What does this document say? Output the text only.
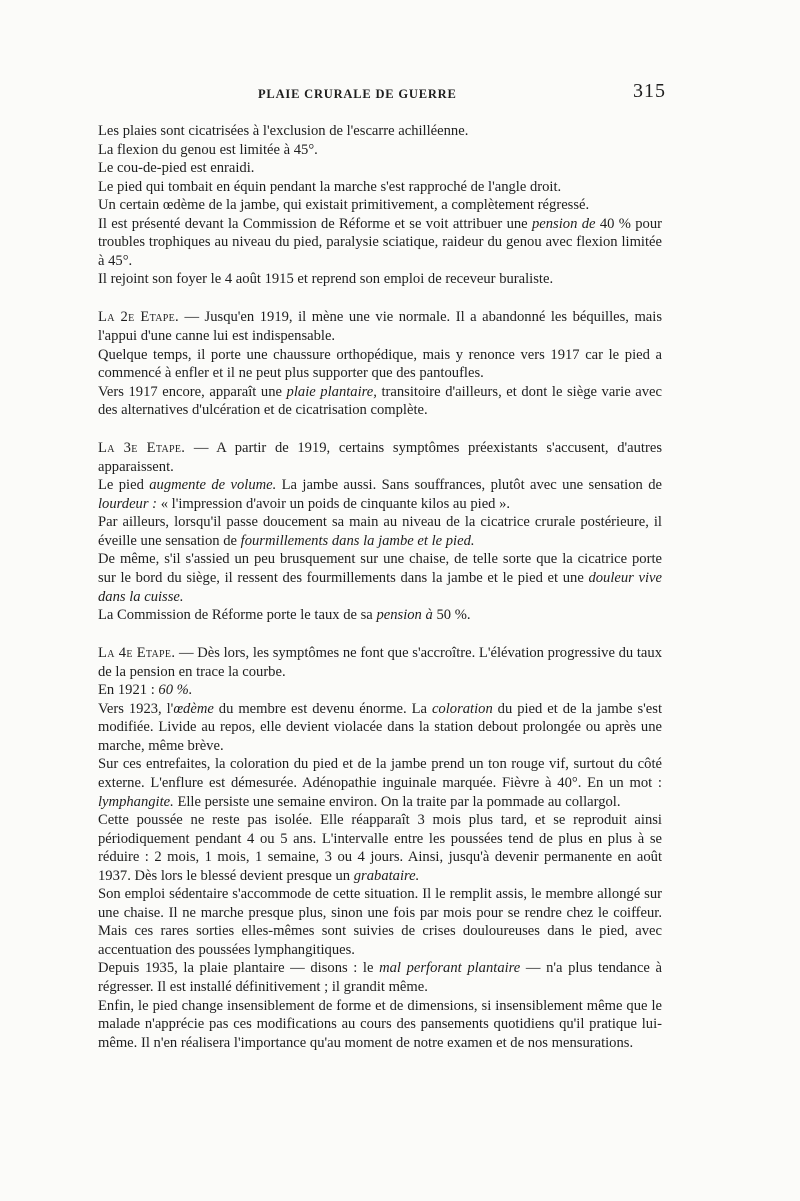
PLAIE CRURALE DE GUERRE	315

Les plaies sont cicatrisées à l'exclusion de l'escarre achilléenne.

La flexion du genou est limitée à 45°.

Le cou-de-pied est enraidi.

Le pied qui tombait en équin pendant la marche s'est rapproché de l'angle droit.

Un certain œdème de la jambe, qui existait primitivement, a complètement régressé.

Il est présenté devant la Commission de Réforme et se voit attribuer une pension de 40 % pour troubles trophiques au niveau du pied, paralysie sciatique, raideur du genou avec flexion limitée à 45°.

Il rejoint son foyer le 4 août 1915 et reprend son emploi de receveur buraliste.

La 2e Etape. — Jusqu'en 1919, il mène une vie normale. Il a abandonné les béquilles, mais l'appui d'une canne lui est indispensable.

Quelque temps, il porte une chaussure orthopédique, mais y renonce vers 1917 car le pied a commencé à enfler et il ne peut plus supporter que des pantoufles.

Vers 1917 encore, apparaît une plaie plantaire, transitoire d'ailleurs, et dont le siège varie avec des alternatives d'ulcération et de cicatrisation complète.

La 3e Etape. — A partir de 1919, certains symptômes préexistants s'accusent, d'autres apparaissent.

Le pied augmente de volume. La jambe aussi. Sans souffrances, plutôt avec une sensation de lourdeur : « l'impression d'avoir un poids de cinquante kilos au pied ».

Par ailleurs, lorsqu'il passe doucement sa main au niveau de la cicatrice crurale postérieure, il éveille une sensation de fourmillements dans la jambe et le pied.

De même, s'il s'assied un peu brusquement sur une chaise, de telle sorte que la cicatrice porte sur le bord du siège, il ressent des fourmillements dans la jambe et le pied et une douleur vive dans la cuisse.

La Commission de Réforme porte le taux de sa pension à 50 %.

La 4e Etape. — Dès lors, les symptômes ne font que s'accroître. L'élévation progressive du taux de la pension en trace la courbe.

En 1921 : 60 %.

Vers 1923, l'œdème du membre est devenu énorme. La coloration du pied et de la jambe s'est modifiée. Livide au repos, elle devient violacée dans la station debout prolongée ou après une marche, même brève.

Sur ces entrefaites, la coloration du pied et de la jambe prend un ton rouge vif, surtout du côté externe. L'enflure est démesurée. Adénopathie inguinale marquée. Fièvre à 40°. En un mot : lymphangite. Elle persiste une semaine environ. On la traite par la pommade au collargol.

Cette poussée ne reste pas isolée. Elle réapparaît 3 mois plus tard, et se reproduit ainsi périodiquement pendant 4 ou 5 ans. L'intervalle entre les poussées tend de plus en plus à se réduire : 2 mois, 1 mois, 1 semaine, 3 ou 4 jours. Ainsi, jusqu'à devenir permanente en août 1937. Dès lors le blessé devient presque un grabataire.

Son emploi sédentaire s'accommode de cette situation. Il le remplit assis, le membre allongé sur une chaise. Il ne marche presque plus, sinon une fois par mois pour se rendre chez le coiffeur. Mais ces rares sorties elles-mêmes sont suivies de crises douloureuses dans le pied, avec accentuation des poussées lymphangitiques.

Depuis 1935, la plaie plantaire — disons : le mal perforant plantaire — n'a plus tendance à régresser. Il est installé définitivement ; il grandit même.

Enfin, le pied change insensiblement de forme et de dimensions, si insensiblement même que le malade n'apprécie pas ces modifications au cours des pansements quotidiens qu'il pratique lui-même. Il n'en réalisera l'importance qu'au moment de notre examen et de nos mensurations.
